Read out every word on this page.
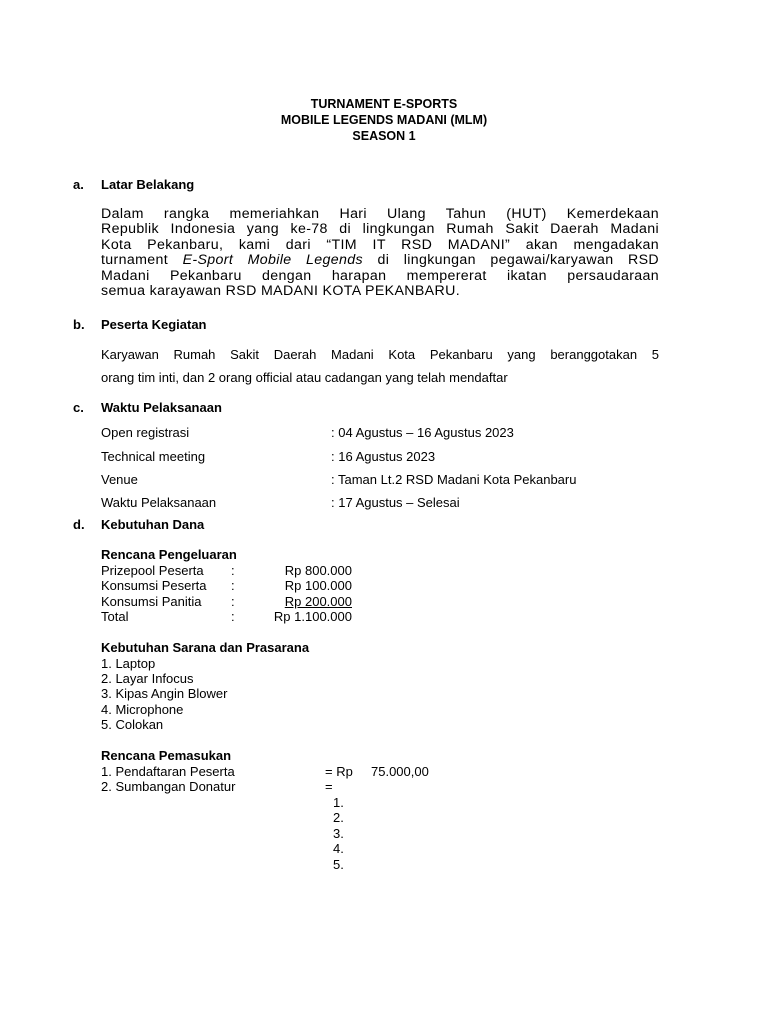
TURNAMENT E-SPORTS
MOBILE LEGENDS MADANI (MLM)
SEASON 1
a. Latar Belakang
Dalam rangka memeriahkan Hari Ulang Tahun (HUT) Kemerdekaan
Republik Indonesia yang ke-78 di lingkungan Rumah Sakit Daerah Madani
Kota Pekanbaru, kami dari “TIM IT RSD MADANI” akan mengadakan
turnament E-Sport Mobile Legends di lingkungan pegawai/karyawan RSD
Madani Pekanbaru dengan harapan mempererat ikatan persaudaraan
semua karayawan RSD MADANI KOTA PEKANBARU.
b. Peserta Kegiatan
Karyawan Rumah Sakit Daerah Madani Kota Pekanbaru yang beranggotakan 5
orang tim inti, dan 2 orang official atau cadangan yang telah mendaftar
c. Waktu Pelaksanaan
Open registrasi	: 04 Agustus – 16 Agustus 2023
Technical meeting	: 16 Agustus 2023
Venue	: Taman Lt.2 RSD Madani Kota Pekanbaru
Waktu Pelaksanaan	: 17 Agustus – Selesai
d. Kebutuhan Dana
Rencana Pengeluaran
Prizepool Peserta :	Rp 800.000
Konsumsi Peserta :	Rp 100.000
Konsumsi Panitia :	Rp 200.000
Total	:	Rp 1.100.000
Kebutuhan Sarana dan Prasarana
1. Laptop
2. Layar Infocus
3. Kipas Angin Blower
4. Microphone
5. Colokan
Rencana Pemasukan
1. Pendaftaran Peserta	= Rp 75.000,00
2. Sumbangan Donatur	=
1.
2.
3.
4.
5.
